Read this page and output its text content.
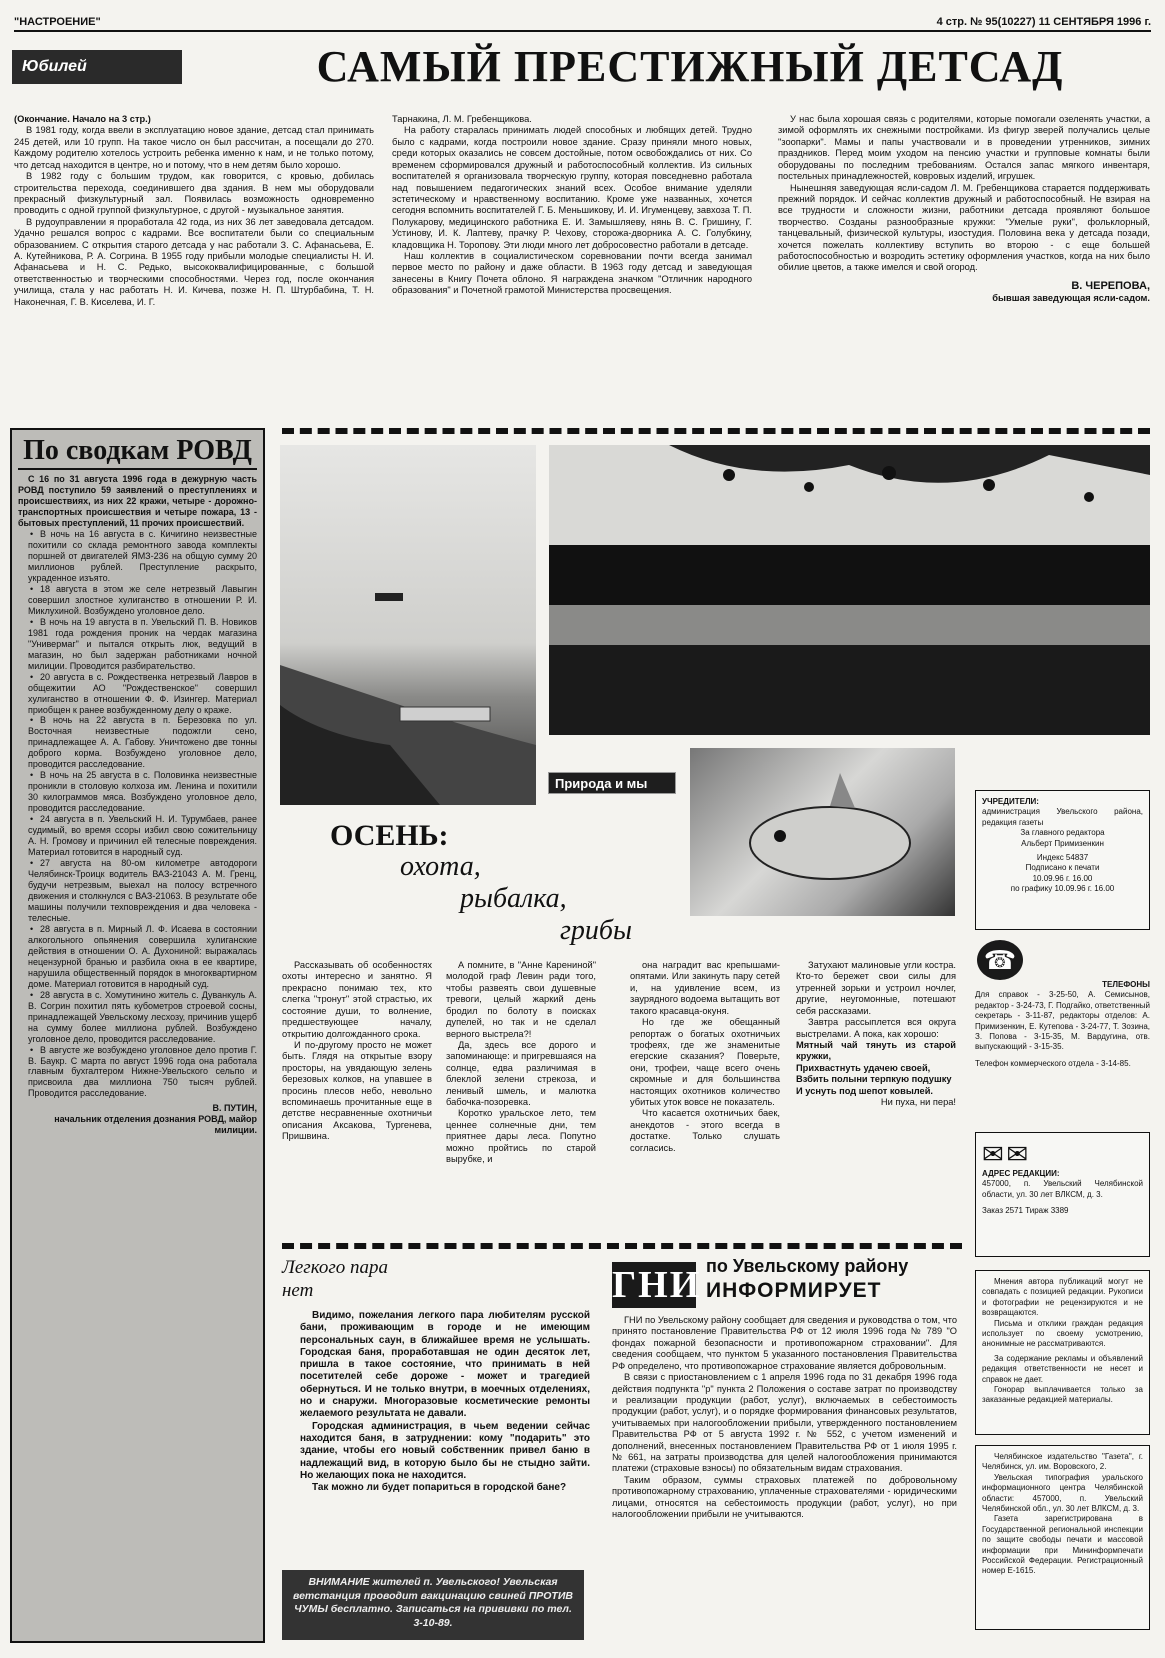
"НАСТРОЕНИЕ"	4 стр. № 95(10227) 11 СЕНТЯБРЯ 1996 г.
Юбилей	САМЫЙ ПРЕСТИЖНЫЙ ДЕТСАД

(Окончание. Начало на 3 стр.)

В 1981 году, когда ввели в эксплуатацию новое здание, детсад стал принимать 245 детей, или 10 групп. На такое число он был рассчитан, а посещали до 270. Каждому родителю хотелось устроить ребенка именно к нам, и не только потому, что детсад находится в центре, но и потому, что в нем детям было хорошо.

В 1982 году с большим трудом, как говорится, с кровью, добилась строительства перехода, соединившего два здания. В нем мы оборудовали прекрасный физкультурный зал. Появилась возможность одновременно проводить с одной группой физкультурное, с другой - музыкальное занятия.

В рудоуправлении я проработала 42 года, из них 36 лет заведовала детсадом. Удачно решался вопрос с кадрами. Все воспитатели были со специальным образованием. С открытия старого детсада у нас работали З. С. Афанасьева, Е. А. Кутейникова, Р. А. Согрина. В 1955 году прибыли молодые специалисты Н. И. Афанасьева и Н. С. Редько, высококвалифицированные, с большой ответственностью и творческими способностями. Через год, после окончания училища, стала у нас работать Н. И. Кичева, позже Н. П. Штурбабина, Т. Н. Наконечная, Г. В. Киселева, И. Г.

Тарнакина, Л. М. Гребенщикова.

На работу старалась принимать людей способных и любящих детей. Трудно было с кадрами, когда построили новое здание. Сразу приняли много новых, среди которых оказались не совсем достойные, потом освобождались от них. Со временем сформировался дружный и работоспособный коллектив. Из сильных воспитателей я организовала творческую группу, которая повседневно работала над повышением педагогических знаний всех. Особое внимание уделяли эстетическому и нравственному воспитанию. Кроме уже названных, хочется сегодня вспомнить воспитателей Г. Б. Меньшикову, И. И. Игуменцеву, завхоза Т. П. Полукарову, медицинского работника Е. И. Замышляеву, нянь В. С. Гришину, Г. Устинову, И. К. Лаптеву, прачку Р. Чехову, сторожа-дворника А. С. Голубкину, кладовщика Н. Торопову. Эти люди много лет добросовестно работали в детсаде.

Наш коллектив в социалистическом соревновании почти всегда занимал первое место по району и даже области. В 1963 году детсад и заведующая занесены в Книгу Почета облоно. Я награждена значком "Отличник народного образования" и Почетной грамотой Министерства просвещения.

У нас была хорошая связь с родителями, которые помогали озеленять участки, а зимой оформлять их снежными постройками. Из фигур зверей получались целые "зоопарки". Мамы и папы участвовали и в проведении утренников, зимних праздников. Перед моим уходом на пенсию участки и групповые комнаты были оборудованы по последним требованиям. Остался запас мягкого инвентаря, постельных принадлежностей, ковровых изделий, игрушек.

Нынешняя заведующая ясли-садом Л. М. Гребенщикова старается поддерживать прежний порядок. И сейчас коллектив дружный и работоспособный. Не взирая на все трудности и сложности жизни, работники детсада проявляют большое творчество. Созданы разнообразные кружки: "Умелые руки", фольклорный, танцевальный, физической культуры, изостудия. Половина века у детсада позади, хочется пожелать коллективу вступить во второю - с еще большей работоспособностью и возродить эстетику оформления участков, когда на них было обилие цветов, а также имелся и свой огород.

В. ЧЕРЕПОВА,

бывшая заведующая ясли-садом.

По сводкам РОВД

С 16 по 31 августа 1996 года в дежурную часть РОВД поступило 59 заявлений о преступлениях и происшествиях, из них 22 кражи, четыре - дорожно-транспортных происшествия и четыре пожара, 13 - бытовых преступлений, 11 прочих происшествий.

• В ночь на 16 августа в с. Кичигино неизвестные похитили со склада ремонтного завода комплекты поршней от двигателей ЯМЗ-236 на общую сумму 20 миллионов рублей. Преступление раскрыто, украденное изъято.

• 18 августа в этом же селе нетрезвый Лавыгин совершил злостное хулиганство в отношении Р. И. Миклухиной. Возбуждено уголовное дело.

• В ночь на 19 августа в п. Увельский П. В. Новиков 1981 года рождения проник на чердак магазина "Универмаг" и пытался открыть люк, ведущий в магазин, но был задержан работниками ночной милиции. Проводится разбирательство.

• 20 августа в с. Рождественка нетрезвый Лавров в общежитии АО "Рождественское" совершил хулиганство в отношении Ф. Ф. Изингер. Материал приобщен к ранее возбужденному делу о краже.

• В ночь на 22 августа в п. Березовка по ул. Восточная неизвестные подожгли сено, принадлежащее А. А. Габову. Уничтожено две тонны доброго корма. Возбуждено уголовное дело, проводится расследование.

• В ночь на 25 августа в с. Половинка неизвестные проникли в столовую колхоза им. Ленина и похитили 30 килограммов мяса. Возбуждено уголовное дело, проводится расследование.

• 24 августа в п. Увельский Н. И. Турумбаев, ранее судимый, во время ссоры избил свою сожительницу А. Н. Громову и причинил ей телесные повреждения. Материал готовится в народный суд.

• 27 августа на 80-ом километре автодороги Челябинск-Троицк водитель ВАЗ-21043 А. М. Гренц, будучи нетрезвым, выехал на полосу встречного движения и столкнулся с ВАЗ-21063. В результате обе машины получили техповреждения и два человека - телесные.

• 28 августа в п. Мирный Л. Ф. Исаева в состоянии алкогольного опьянения совершила хулиганские действия в отношении О. А. Духониной: выражалась нецензурной бранью и разбила окна в ее квартире, нарушила общественный порядок в многоквартирном доме. Материал готовится в народный суд.

• 28 августа в с. Хомутинино житель с. Дуванкуль А. В. Согрин похитил пять кубометров строевой сосны, принадлежащей Увельскому лесхозу, причинив ущерб на сумму более миллиона рублей. Возбуждено уголовное дело, проводится расследование.

• В августе же возбуждено уголовное дело против Г. В. Баукр. С марта по август 1996 года она работала главным бухгалтером Нижне-Увельского сельпо и присвоила два миллиона 750 тысяч рублей. Проводится расследование.

В. ПУТИН,

начальник отделения дознания РОВД, майор милиции.

Природа и мы
ОСЕНЬ:
охота,
рыбалка,
грибы

Рассказывать об особенностях охоты интересно и занятно. Я прекрасно понимаю тех, кто слегка "тронут" этой страстью, их состояние души, то волнение, предшествующее началу, открытию долгожданного срока.

И по-другому просто не может быть. Глядя на открытые взору просторы, на увядающую зелень березовых колков, на упавшее в просинь плесов небо, невольно вспоминаешь прочитанные еще в детстве несравненные охотничьи описания Аксакова, Тургенева, Пришвина.

А помните, в "Анне Карениной" молодой граф Левин ради того, чтобы развеять свои душевные тревоги, целый жаркий день бродил по болоту в поисках дупелей, но так и не сделал верного выстрела?!

Да, здесь все дорого и запоминающе: и пригревшаяся на солнце, едва различимая в блеклой зелени стрекоза, и ленивый шмель, и малютка бабочка-позоревка.

Коротко уральское лето, тем ценнее солнечные дни, тем приятнее дары леса. Попутно можно пройтись по старой вырубке, и

она наградит вас крепышами-опятами. Или закинуть пару сетей и, на удивление всем, из заурядного водоема вытащить вот такого красавца-окуня.

Но где же обещанный репортаж о богатых охотничьих трофеях, где же знаменитые егерские сказания? Поверьте, они, трофеи, чаще всего очень скромные и для большинства настоящих охотников количество убитых уток вовсе не показатель.

Что касается охотничьих баек, анекдотов - этого всегда в достатке. Только слушать согласись.

Затухают малиновые угли костра. Кто-то бережет свои силы для утренней зорьки и устроил ночлег, другие, неугомонные, потешают себя рассказами.

Завтра рассыплется вся округа выстрелами. А пока, как хорошо:

Мятный чай тянуть из старой кружки,

Прихвастнуть удачею своей,

Взбить полыни терпкую подушку

И уснуть под шепот ковылей.

Ни пуха, ни пера!

УЧРЕДИТЕЛИ:

администрация Увельского района, редакция газеты

За главного редактора

Альберт Примизенкин

Индекс 54837

Подписано к печати

10.09.96 г. 16.00

по графику 10.09.96 г. 16.00

☎

ТЕЛЕФОНЫ

Для справок - 3-25-50, А. Семисынов, редактор - 3-24-73, Г. Подгайко, ответственный секретарь - 3-11-87, редакторы отделов: А. Примизенкин, Е. Кутепова - 3-24-77, Т. Зозина, З. Попова - 3-15-35, М. Вардугина, отв. выпускающий - 3-15-35.

Телефон коммерческого отдела - 3-14-85.

✉ ✉

АДРЕС РЕДАКЦИИ:

457000, п. Увельский Челябинской области, ул. 30 лет ВЛКСМ, д. 3.

Заказ 2571 Тираж 3389

Мнения автора публикаций могут не совпадать с позицией редакции. Рукописи и фотографии не рецензируются и не возвращаются.

Письма и отклики граждан редакция использует по своему усмотрению, анонимные не рассматриваются.

За содержание рекламы и объявлений редакция ответственности не несет и справок не дает.

Гонорар выплачивается только за заказанные редакцией материалы.

Челябинское издательство "Газета", г. Челябинск, ул. им. Воровского, 2.

Увельская типография уральского информационного центра Челябинской области: 457000, п. Увельский Челябинской обл., ул. 30 лет ВЛКСМ, д. 3.

Газета зарегистрирована в Государственной региональной инспекции по защите свободы печати и массовой информации при Мининформпечати Российской Федерации. Регистрационный номер Е-1615.

Легкого пара
нет

Видимо, пожелания легкого пара любителям русской бани, проживающим в городе и не имеющим персональных саун, в ближайшее время не услышать. Городская баня, проработавшая не один десяток лет, пришла в такое состояние, что принимать в ней посетителей себе дороже - может и трагедией обернуться. И не только внутри, в моечных отделениях, но и снаружи. Многоразовые косметические ремонты желаемого результата не давали.

Городская администрация, в чьем ведении сейчас находится баня, в затруднении: кому "подарить" это здание, чтобы его новый собственник привел баню в надлежащий вид, в которую было бы не стыдно зайти. Но желающих пока не находится.

Так можно ли будет попариться в городской бане?

ВНИМАНИЕ жителей п. Увельского! Увельская ветстанция проводит вакцинацию свиней ПРОТИВ ЧУМЫ бесплатно. Записаться на прививки по тел. 3-10-89.
ГНИ по Увельскому району
ИНФОРМИРУЕТ

ГНИ по Увельскому району сообщает для сведения и руководства о том, что принято постановление Правительства РФ от 12 июля 1996 года № 789 "О фондах пожарной безопасности и противопожарном страховании". Для сведения сообщаем, что пунктом 5 указанного постановления Правительства РФ определено, что противопожарное страхование является добровольным.

В связи с приостановлением с 1 апреля 1996 года по 31 декабря 1996 года действия подпункта "р" пункта 2 Положения о составе затрат по производству и реализации продукции (работ, услуг), включаемых в себестоимость продукции (работ, услуг), и о порядке формирования финансовых результатов, учитываемых при налогообложении прибыли, утвержденного постановлением Правительства РФ от 5 августа 1992 г. № 552, с учетом изменений и дополнений, внесенных постановлением Правительства РФ от 1 июля 1995 г. № 661, на затраты производства для целей налогообложения принимаются платежи (страховые взносы) по обязательным видам страхования.

Таким образом, суммы страховых платежей по добровольному противопожарному страхованию, уплаченные страхователями - юридическими лицами, относятся на себестоимость продукции (работ, услуг), но при налогообложении прибыли не учитываются.
